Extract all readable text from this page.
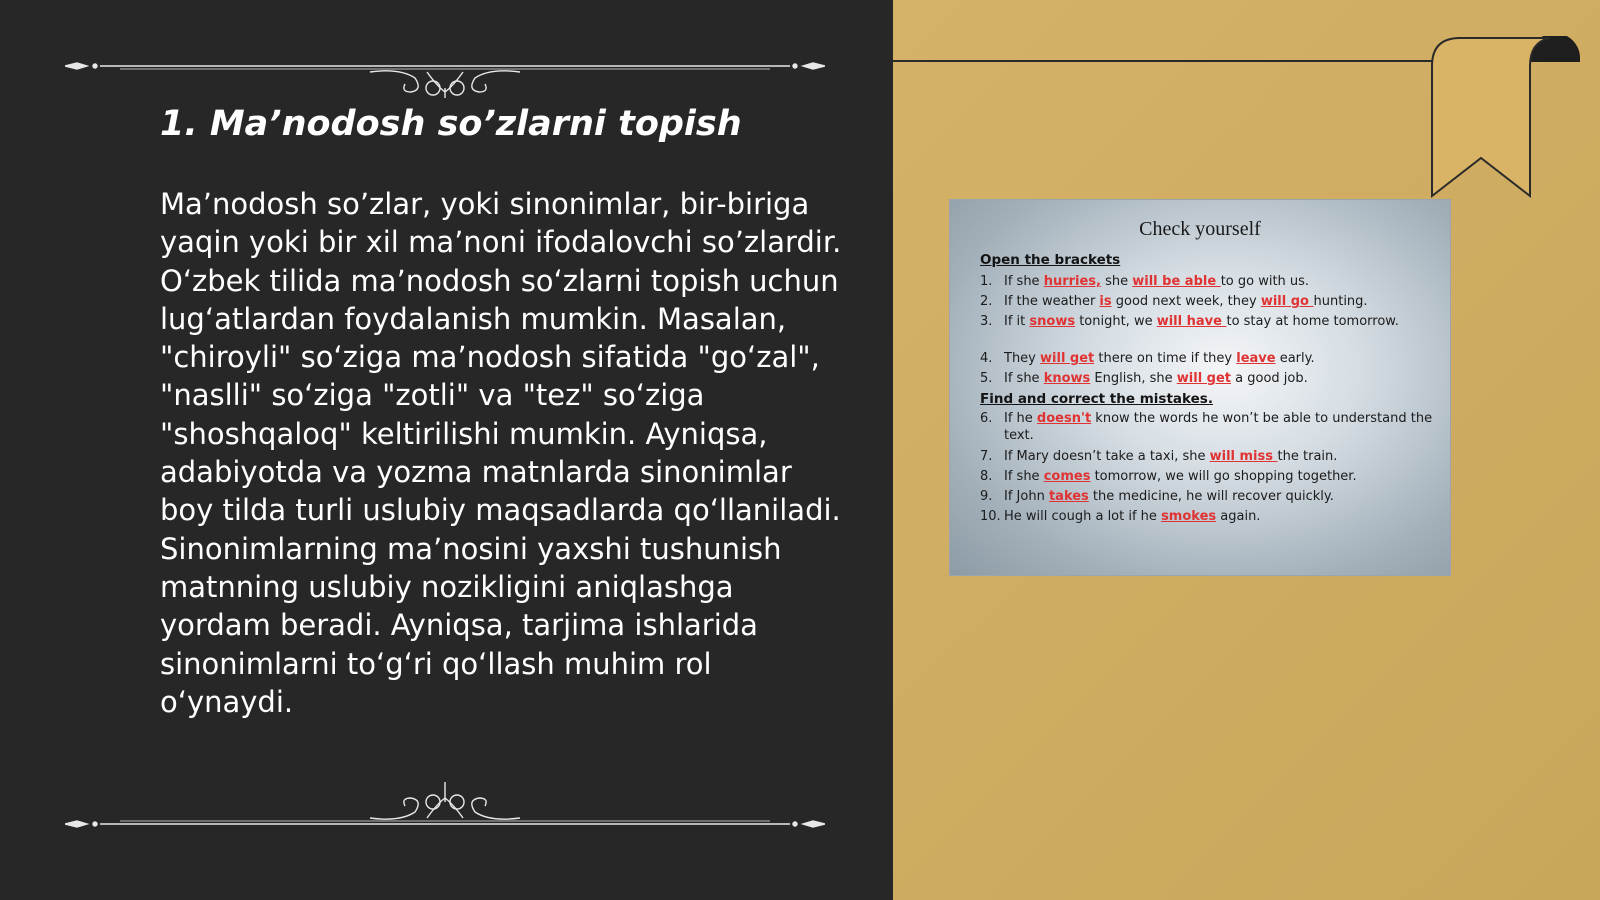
1. Ma’nodosh so’zlarni topish

Ma’nodosh so’zlar, yoki sinonimlar, bir-biriga yaqin yoki bir xil ma’noni ifodalovchi so’zlardir. O‘zbek tilida ma’nodosh so‘zlarni topish uchun lug‘atlardan foydalanish mumkin. Masalan, "chiroyli" so‘ziga ma’nodosh sifatida "go‘zal", "naslli" so‘ziga "zotli" va "tez" so‘ziga "shoshqaloq" keltirilishi mumkin. Ayniqsa, adabiyotda va yozma matnlarda sinonimlar boy tilda turli uslubiy maqsadlarda qo‘llaniladi. Sinonimlarning ma’nosini yaxshi tushunish matnning uslubiy nozikligini aniqlashga yordam beradi. Ayniqsa, tarjima ishlarida sinonimlarni to‘g‘ri qo‘llash muhim rol o‘ynaydi.

Check yourself
Open the brackets
1. If she hurries, she will be able to go with us.
2. If the weather is good next week, they will go hunting.
3. If it snows tonight, we will have to stay at home tomorrow.
4. They will get there on time if they leave early.
5. If she knows English, she will get a good job.
Find and correct the mistakes.
6. If he doesn't know the words he won’t be able to understand the text.
7. If Mary doesn’t take a taxi, she will miss the train.
8. If she comes tomorrow, we will go shopping together.
9. If John takes the medicine, he will recover quickly.
10. He will cough a lot if he smokes again.
